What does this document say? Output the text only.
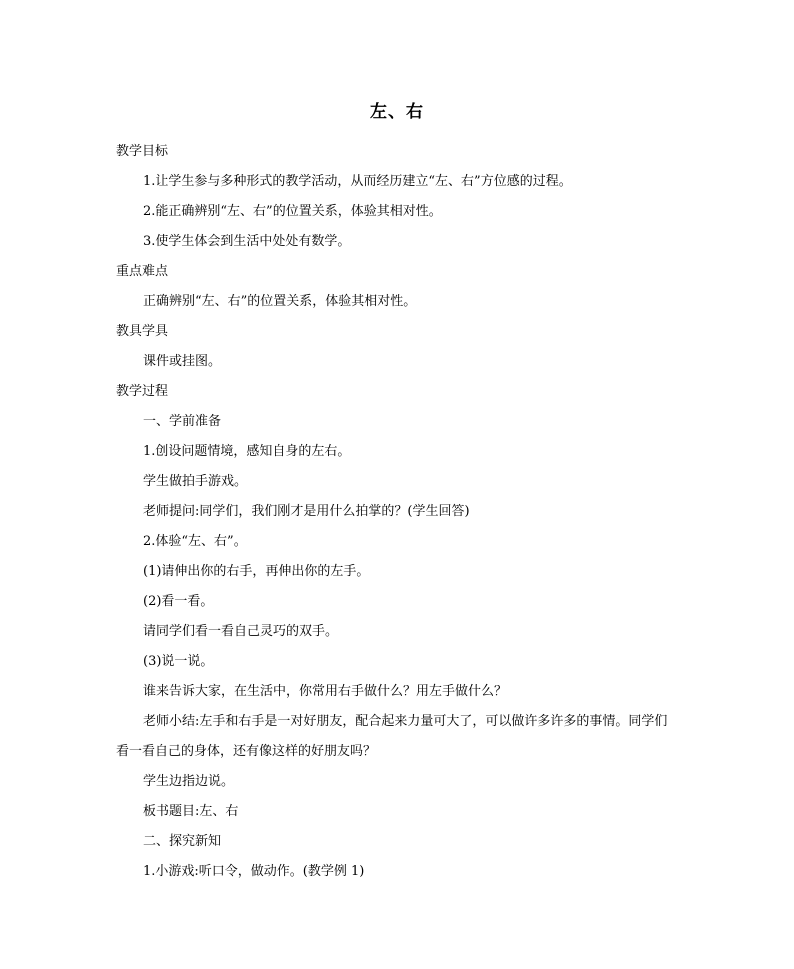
左、右
教学目标
1.让学生参与多种形式的教学活动，从而经历建立“左、右”方位感的过程。
2.能正确辨别“左、右”的位置关系，体验其相对性。
3.使学生体会到生活中处处有数学。
重点难点
正确辨别“左、右”的位置关系，体验其相对性。
教具学具
课件或挂图。
教学过程
一、学前准备
1.创设问题情境，感知自身的左右。
学生做拍手游戏。
老师提问:同学们，我们刚才是用什么拍掌的？(学生回答)
2.体验“左、右”。
(1)请伸出你的右手，再伸出你的左手。
(2)看一看。
请同学们看一看自己灵巧的双手。
(3)说一说。
谁来告诉大家，在生活中，你常用右手做什么？用左手做什么？
老师小结:左手和右手是一对好朋友，配合起来力量可大了，可以做许多许多的事情。同学们
看一看自己的身体，还有像这样的好朋友吗？
学生边指边说。
板书题目:左、右
二、探究新知
1.小游戏:听口令，做动作。(教学例 1)
